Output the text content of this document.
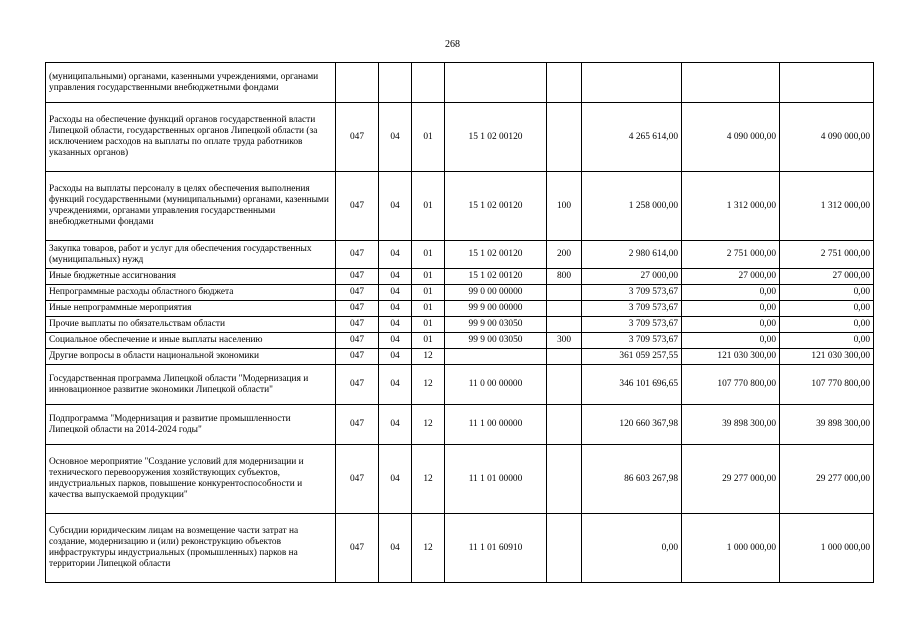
268
(муниципальными) органами, казенными учреждениями, органами управления государственными внебюджетными фондами								
Расходы на обеспечение функций органов государственной власти Липецкой области, государственных органов Липецкой области (за исключением расходов на выплаты по оплате труда работников указанных органов)	047	04	01	15 1 02 00120		4 265 614,00	4 090 000,00	4 090 000,00
Расходы на выплаты персоналу в целях обеспечения выполнения функций государственными (муниципальными) органами, казенными учреждениями, органами управления государственными внебюджетными фондами	047	04	01	15 1 02 00120	100	1 258 000,00	1 312 000,00	1 312 000,00
Закупка товаров, работ и услуг для обеспечения государственных (муниципальных) нужд	047	04	01	15 1 02 00120	200	2 980 614,00	2 751 000,00	2 751 000,00
Иные бюджетные ассигнования	047	04	01	15 1 02 00120	800	27 000,00	27 000,00	27 000,00
Непрограммные расходы областного бюджета	047	04	01	99 0 00 00000		3 709 573,67	0,00	0,00
Иные непрограммные мероприятия	047	04	01	99 9 00 00000		3 709 573,67	0,00	0,00
Прочие выплаты по обязательствам области	047	04	01	99 9 00 03050		3 709 573,67	0,00	0,00
Социальное обеспечение и иные выплаты населению	047	04	01	99 9 00 03050	300	3 709 573,67	0,00	0,00
Другие вопросы в области национальной экономики	047	04	12			361 059 257,55	121 030 300,00	121 030 300,00
Государственная программа Липецкой области "Модернизация и инновационное развитие экономики Липецкой области"	047	04	12	11 0 00 00000		346 101 696,65	107 770 800,00	107 770 800,00
Подпрограмма "Модернизация и развитие промышленности Липецкой области на 2014-2024 годы"	047	04	12	11 1 00 00000		120 660 367,98	39 898 300,00	39 898 300,00
Основное мероприятие "Создание условий для модернизации и технического перевооружения хозяйствующих субъектов, индустриальных парков, повышение конкурентоспособности и качества выпускаемой продукции"	047	04	12	11 1 01 00000		86 603 267,98	29 277 000,00	29 277 000,00
Субсидии юридическим лицам на возмещение части затрат на создание, модернизацию и (или) реконструкцию объектов инфраструктуры индустриальных (промышленных) парков на территории Липецкой области	047	04	12	11 1 01 60910		0,00	1 000 000,00	1 000 000,00
